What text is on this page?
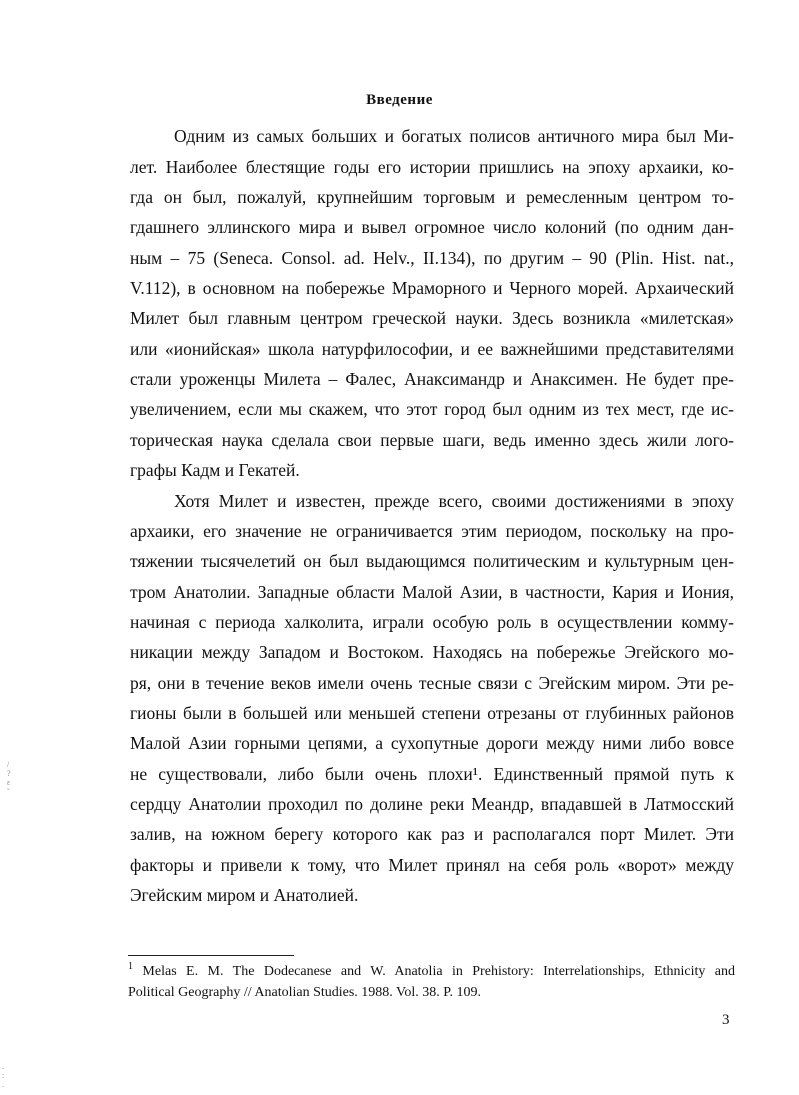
Введение
Одним из самых больших и богатых полисов античного мира был Ми-
лет. Наиболее блестящие годы его истории пришлись на эпоху архаики, ко-
гда он был, пожалуй, крупнейшим торговым и ремесленным центром то-
гдашнего эллинского мира и вывел огромное число колоний (по одним дан-
ным – 75 (Seneca. Consol. ad. Helv., II.134), по другим – 90 (Plin. Hist. nat.,
V.112), в основном на побережье Мраморного и Черного морей. Архаический
Милет был главным центром греческой науки. Здесь возникла «милетская»
или «ионийская» школа натурфилософии, и ее важнейшими представителями
стали уроженцы Милета – Фалес, Анаксимандр и Анаксимен. Не будет пре-
увеличением, если мы скажем, что этот город был одним из тех мест, где ис-
торическая наука сделала свои первые шаги, ведь именно здесь жили лого-
графы Кадм и Гекатей.
Хотя Милет и известен, прежде всего, своими достижениями в эпоху
архаики, его значение не ограничивается этим периодом, поскольку на про-
тяжении тысячелетий он был выдающимся политическим и культурным цен-
тром Анатолии. Западные области Малой Азии, в частности, Кария и Иония,
начиная с периода халколита, играли особую роль в осуществлении комму-
никации между Западом и Востоком. Находясь на побережье Эгейского мо-
ря, они в течение веков имели очень тесные связи с Эгейским миром. Эти ре-
гионы были в большей или меньшей степени отрезаны от глубинных районов
Малой Азии горными цепями, а сухопутные дороги между ними либо вовсе
не существовали, либо были очень плохи¹. Единственный прямой путь к
сердцу Анатолии проходил по долине реки Меандр, впадавшей в Латмосский
залив, на южном берегу которого как раз и располагался порт Милет. Эти
факторы и привели к тому, что Милет принял на себя роль «ворот» между
Эгейским миром и Анатолией.
$^1$ Melas E. M. The Dodecanese and W. Anatolia in Prehistory: Interrelationships, Ethnicity and
Political Geography // Anatolian Studies. 1988. Vol. 38. P. 109.
3
/
?
ɛ
˘
.
:
.
